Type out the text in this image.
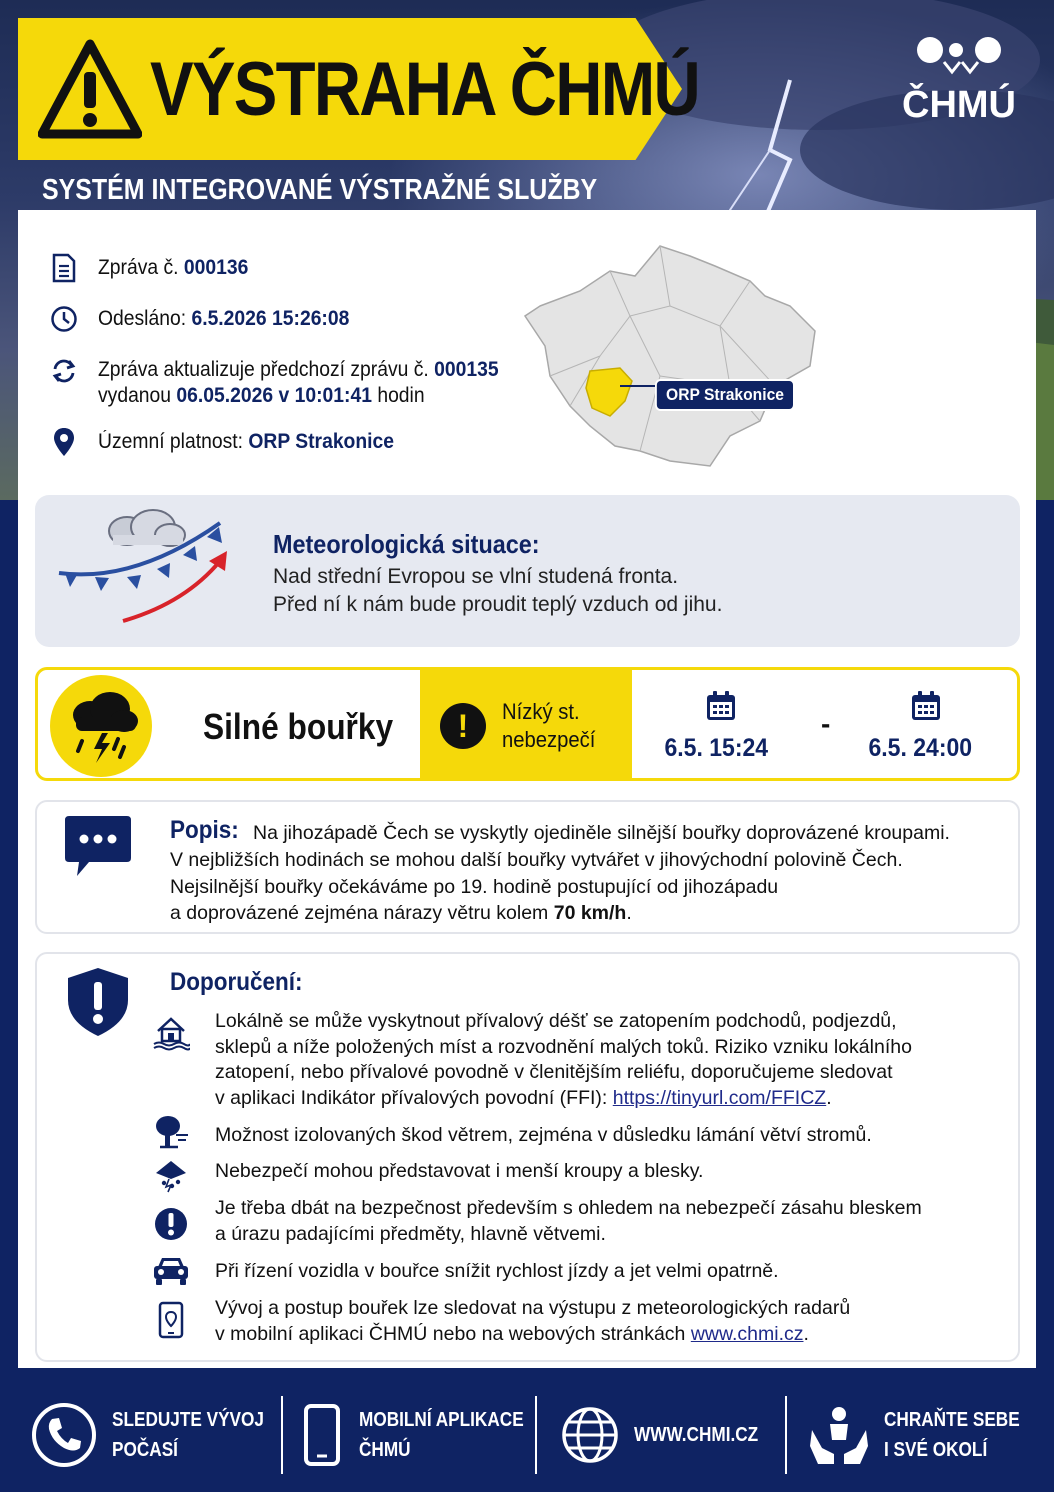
VÝSTRAHA ČHMÚ
SYSTÉM INTEGROVANÉ VÝSTRAŽNÉ SLUŽBY
ČHMÚ
Zpráva č. 000136
Odesláno: 6.5.2026 15:26:08
Zpráva aktualizuje předchozí zprávu č. 000135
vydanou 06.05.2026 v 10:01:41 hodin
Územní platnost: ORP Strakonice
ORP Strakonice
Meteorologická situace:
Nad střední Evropou se vlní studená fronta.
Před ní k nám bude proudit teplý vzduch od jihu.
Silné bouřky	!	Nízký st.
nebezpečí	6.5. 15:24
-
6.5. 24:00
Popis: Na jihozápadě Čech se vyskytly ojediněle silnější bouřky doprovázené kroupami.
V nejbližších hodinách se mohou další bouřky vytvářet v jihovýchodní polovině Čech.
Nejsilnější bouřky očekáváme po 19. hodině postupující od jihozápadu
a doprovázené zejména nárazy větru kolem 70 km/h.
Doporučení:
Lokálně se může vyskytnout přívalový déšť se zatopením podchodů, podjezdů,
sklepů a níže položených míst a rozvodnění malých toků. Riziko vzniku lokálního
zatopení, nebo přívalové povodně v členitějším reliéfu, doporučujeme sledovat
v aplikaci Indikátor přívalových povodní (FFI): https://tinyurl.com/FFICZ.
Možnost izolovaných škod větrem, zejména v důsledku lámání větví stromů.
Nebezpečí mohou představovat i menší kroupy a blesky.
Je třeba dbát na bezpečnost především s ohledem na nebezpečí zásahu bleskem
a úrazu padajícími předměty, hlavně větvemi.
Při řízení vozidla v bouřce snížit rychlost jízdy a jet velmi opatrně.
Vývoj a postup bouřek lze sledovat na výstupu z meteorologických radarů
v mobilní aplikaci ČHMÚ nebo na webových stránkách www.chmi.cz.
SLEDUJTE VÝVOJ
POČASÍ
MOBILNÍ APLIKACE
ČHMÚ
WWW.CHMI.CZ
CHRAŇTE SEBE
I SVÉ OKOLÍ
